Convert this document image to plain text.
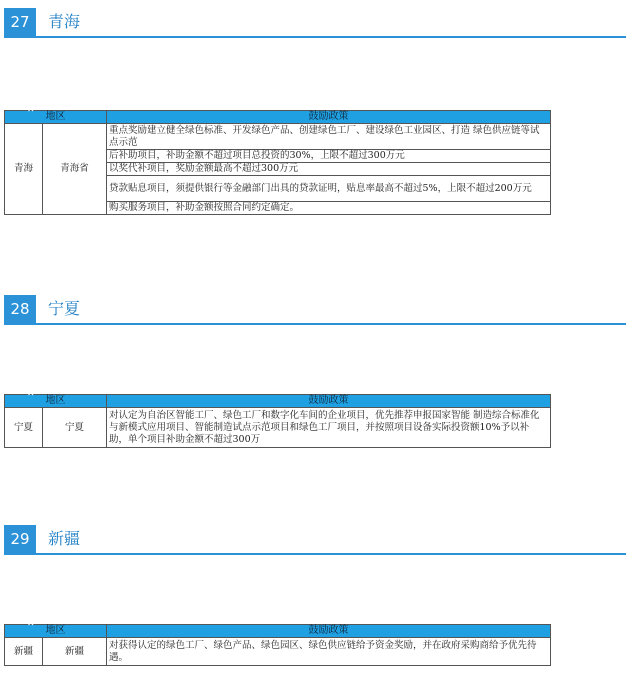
27	青海
地区		✕
鼓励政策
青海	青海省	重点奖励建立健全绿色标准、开发绿色产品、创建绿色工厂、建设绿色工业园区、打造 绿色供应链等试点示范
		后补助项目，补助金额不超过项目总投资的30%，上限不超过300万元
		以奖代补项目，奖励金额最高不超过300万元
		贷款贴息项目，须提供银行等金融部门出具的贷款证明，贴息率最高不超过5%，上限不超过200万元
		购买服务项目，补助金额按照合同约定确定。
28	宁夏
地区		✕
鼓励政策
宁夏	宁夏	对认定为自治区智能工厂、绿色工厂和数字化车间的企业项目，优先推荐申报国家智能 制造综合标准化与新模式应用项目、智能制造试点示范项目和绿色工厂项目，并按照项目设备实际投资额10%予以补助，单个项目补助金额不超过300万
29	新疆
地区		✕
鼓励政策
新疆	新疆	对获得认定的绿色工厂、绿色产品、绿色园区、绿色供应链给予资金奖励，并在政府采购商给予优先待遇。
